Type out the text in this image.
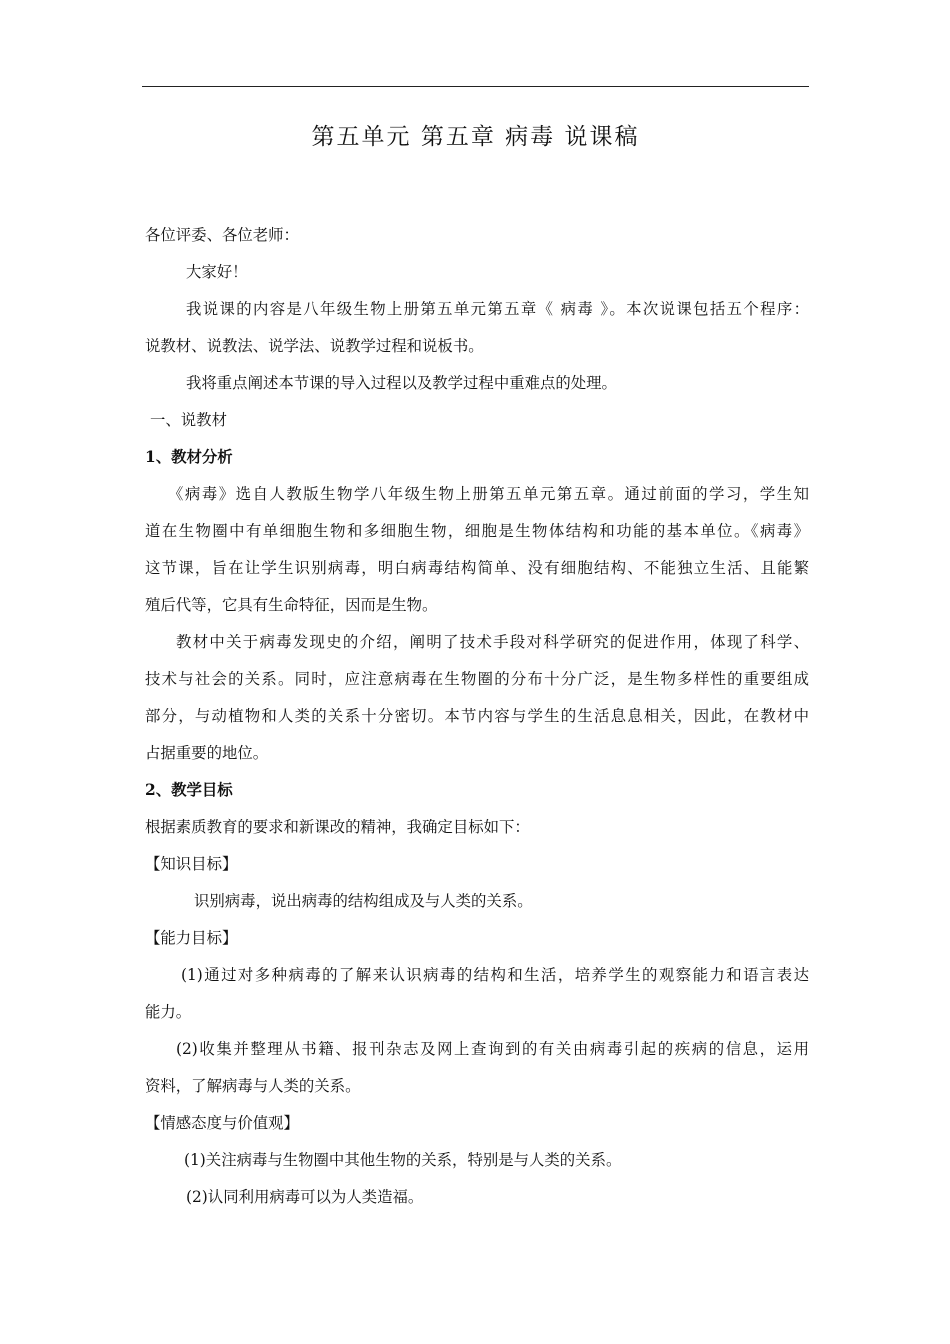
第五单元 第五章 病毒 说课稿
各位评委、各位老师：
大家好！
我说课的内容是八年级生物上册第五单元第五章《 病毒 》。本次说课包括五个程序：
说教材、说教法、说学法、说教学过程和说板书。
我将重点阐述本节课的导入过程以及教学过程中重难点的处理。
一、说教材
1、教材分析
《病毒》选自人教版生物学八年级生物上册第五单元第五章。通过前面的学习，学生知
道在生物圈中有单细胞生物和多细胞生物，细胞是生物体结构和功能的基本单位。《病毒》
这节课，旨在让学生识别病毒，明白病毒结构简单、没有细胞结构、不能独立生活、且能繁
殖后代等，它具有生命特征，因而是生物。
教材中关于病毒发现史的介绍，阐明了技术手段对科学研究的促进作用，体现了科学、
技术与社会的关系。同时，应注意病毒在生物圈的分布十分广泛，是生物多样性的重要组成
部分，与动植物和人类的关系十分密切。本节内容与学生的生活息息相关，因此，在教材中
占据重要的地位。
2、教学目标
根据素质教育的要求和新课改的精神，我确定目标如下：
【知识目标】
识别病毒，说出病毒的结构组成及与人类的关系。
【能力目标】
(1)通过对多种病毒的了解来认识病毒的结构和生活，培养学生的观察能力和语言表达
能力。
(2)收集并整理从书籍、报刊杂志及网上查询到的有关由病毒引起的疾病的信息，运用
资料，了解病毒与人类的关系。
【情感态度与价值观】
(1)关注病毒与生物圈中其他生物的关系，特别是与人类的关系。
(2)认同利用病毒可以为人类造福。
